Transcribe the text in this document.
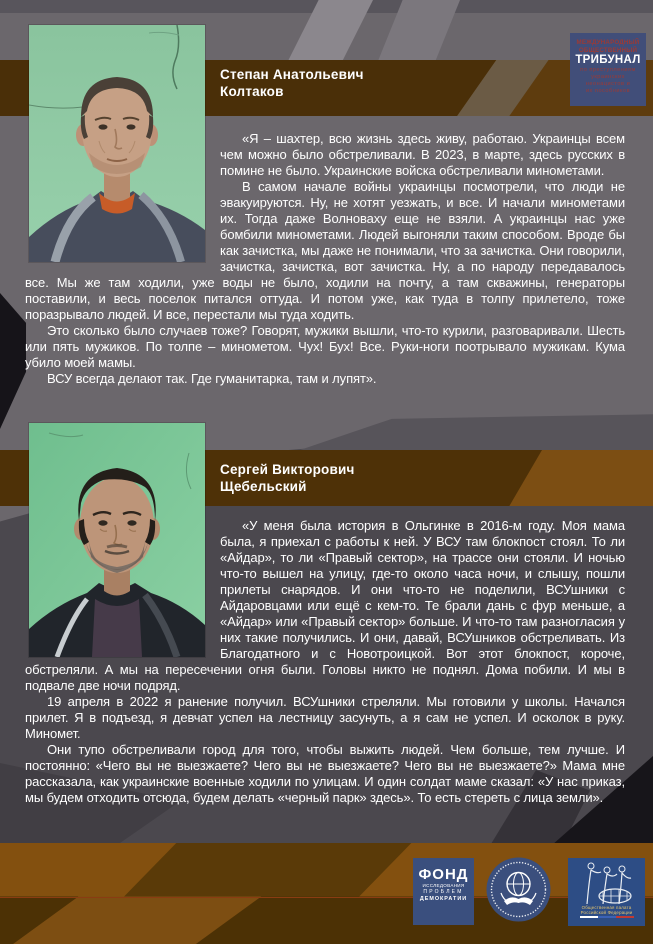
МЕЖДУНАРОДНЫЙ
ОБЩЕСТВЕННЫЙ
ТРИБУНАЛ
по преступлениям
украинских
неонацистов и
их пособников
Степан Анатольевич
Колтаков

«Я – шахтер, всю жизнь здесь живу, работаю. Украинцы всем чем можно было обстреливали. В 2023, в марте, здесь русских в помине не было. Украинские войска обстреливали минометами.

В самом начале войны украинцы посмотрели, что люди не эвакуируются. Ну, не хотят уезжать, и все. И начали минометами их. Тогда даже Волноваху еще не взяли. А украинцы нас уже бомбили минометами. Людей выгоняли таким способом. Вроде бы как зачистка, мы даже не понимали, что за зачистка. Они говорили, зачистка, зачистка, вот зачистка. Ну, а по народу передавалось все. Мы же там ходили, уже воды не было, ходили на почту, а там скважины, генераторы поставили, и весь поселок питался оттуда. И потом уже, как туда в толпу прилетело, тоже поразрывало людей. И все, перестали мы туда ходить.

Это сколько было случаев тоже? Говорят, мужики вышли, что-то курили, разговаривали. Шесть или пять мужиков. По толпе – минометом. Чух! Бух! Все. Руки-ноги поотрывало мужикам. Кума убило моей мамы.

ВСУ всегда делают так. Где гуманитарка, там и лупят».

Сергей Викторович
Щебельский

«У меня была история в Ольгинке в 2016-м году. Моя мама была, я приехал с работы к ней. У ВСУ там блокпост стоял. То ли «Айдар», то ли «Правый сектор», на трассе они стояли. И ночью что-то вышел на улицу, где-то около часа ночи, и слышу, пошли прилеты снарядов. И они что-то не поделили, ВСУшники с Айдаровцами или ещё с кем-то. Те брали дань с фур меньше, а «Айдар» или «Правый сектор» больше. И что-то там разногласия у них такие получились. И они, давай, ВСУшников обстреливать. Из Благодатного и с Новотроицкой. Вот этот блокпост, короче, обстреляли. А мы на пересечении огня были. Головы никто не поднял. Дома побили. И мы в подвале две ночи подряд.

19 апреля в 2022 я ранение получил. ВСУшники стреляли. Мы готовили у школы. Начался прилет. Я в подъезд, я девчат успел на лестницу засунуть, а я сам не успел. И осколок в руку. Миномет.

Они тупо обстреливали город для того, чтобы выжить людей. Чем больше, тем лучше. И постоянно: «Чего вы не выезжаете? Чего вы не выезжаете? Чего вы не выезжаете?» Мама мне рассказала, как украинские военные ходили по улицам. И один солдат маме сказал: «У нас приказ, мы будем отходить отсюда, будем делать «черный парк» здесь». То есть стереть с лица земли».

ФОНД
ИССЛЕДОВАНИЯ
ПРОБЛЕМ
ДЕМОКРАТИИ
Общественная палата
Российской Федерации
